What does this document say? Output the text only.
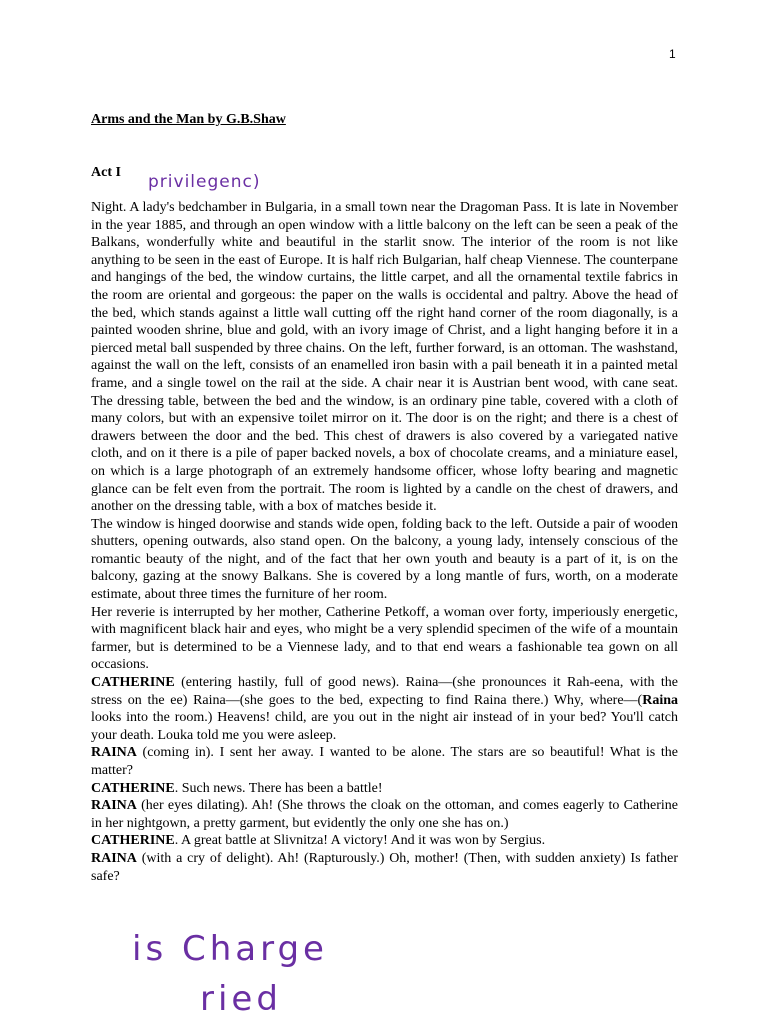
1
Arms and the Man by G.B.Shaw
privilegenc)
Act I

Night. A lady's bedchamber in Bulgaria, in a small town near the Dragoman Pass. It is late in November in the year 1885, and through an open window with a little balcony on the left can be seen a peak of the Balkans, wonderfully white and beautiful in the starlit snow. The interior of the room is not like anything to be seen in the east of Europe. It is half rich Bulgarian, half cheap Viennese. The counterpane and hangings of the bed, the window curtains, the little carpet, and all the ornamental textile fabrics in the room are oriental and gorgeous: the paper on the walls is occidental and paltry. Above the head of the bed, which stands against a little wall cutting off the right hand corner of the room diagonally, is a painted wooden shrine, blue and gold, with an ivory image of Christ, and a light hanging before it in a pierced metal ball suspended by three chains. On the left, further forward, is an ottoman. The washstand, against the wall on the left, consists of an enamelled iron basin with a pail beneath it in a painted metal frame, and a single towel on the rail at the side. A chair near it is Austrian bent wood, with cane seat. The dressing table, between the bed and the window, is an ordinary pine table, covered with a cloth of many colors, but with an expensive toilet mirror on it. The door is on the right; and there is a chest of drawers between the door and the bed. This chest of drawers is also covered by a variegated native cloth, and on it there is a pile of paper backed novels, a box of chocolate creams, and a miniature easel, on which is a large photograph of an extremely handsome officer, whose lofty bearing and magnetic glance can be felt even from the portrait. The room is lighted by a candle on the chest of drawers, and another on the dressing table, with a box of matches beside it.

The window is hinged doorwise and stands wide open, folding back to the left. Outside a pair of wooden shutters, opening outwards, also stand open. On the balcony, a young lady, intensely conscious of the romantic beauty of the night, and of the fact that her own youth and beauty is a part of it, is on the balcony, gazing at the snowy Balkans. She is covered by a long mantle of furs, worth, on a moderate estimate, about three times the furniture of her room.

Her reverie is interrupted by her mother, Catherine Petkoff, a woman over forty, imperiously energetic, with magnificent black hair and eyes, who might be a very splendid specimen of the wife of a mountain farmer, but is determined to be a Viennese lady, and to that end wears a fashionable tea gown on all occasions.

CATHERINE (entering hastily, full of good news). Raina—(she pronounces it Rah-eena, with the stress on the ee) Raina—(she goes to the bed, expecting to find Raina there.) Why, where—(Raina looks into the room.) Heavens! child, are you out in the night air instead of in your bed? You'll catch your death. Louka told me you were asleep.

RAINA (coming in). I sent her away. I wanted to be alone. The stars are so beautiful! What is the matter?

CATHERINE. Such news. There has been a battle!

RAINA (her eyes dilating). Ah! (She throws the cloak on the ottoman, and comes eagerly to Catherine in her nightgown, a pretty garment, but evidently the only one she has on.)

CATHERINE. A great battle at Slivnitza! A victory! And it was won by Sergius.

RAINA (with a cry of delight). Ah! (Rapturously.) Oh, mother! (Then, with sudden anxiety) Is father safe?

is Charge
ried
